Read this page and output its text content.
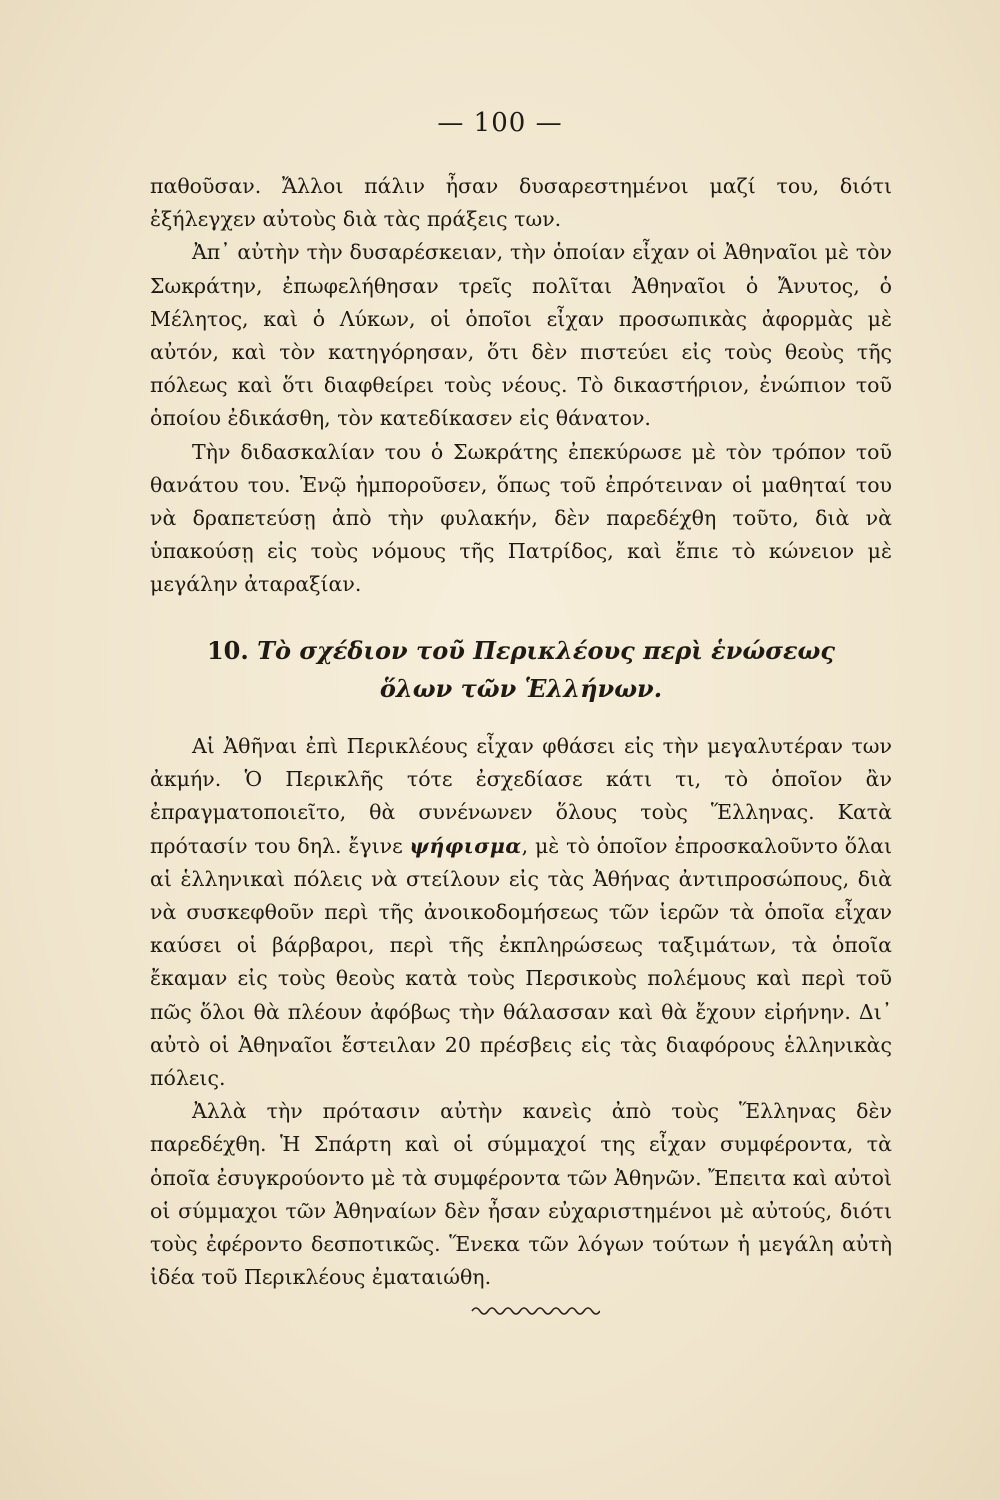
— 100 —

παθοῦσαν. Ἄλλοι πάλιν ἦσαν δυσαρεστημένοι μαζί του, διότι ἐξήλεγχεν αὐτοὺς διὰ τὰς πράξεις των.

Ἀπ᾽ αὐτὴν τὴν δυσαρέσκειαν, τὴν ὁποίαν εἶχαν οἱ Ἀθηναῖοι μὲ τὸν Σωκράτην, ἐπωφελήθησαν τρεῖς πολῖται Ἀθηναῖοι ὁ Ἄνυτος, ὁ Μέλητος, καὶ ὁ Λύκων, οἱ ὁποῖοι εἶχαν προσωπικὰς ἀφορμὰς μὲ αὐτόν, καὶ τὸν κατηγόρησαν, ὅτι δὲν πιστεύει εἰς τοὺς θεοὺς τῆς πόλεως καὶ ὅτι διαφθείρει τοὺς νέους. Τὸ δικαστήριον, ἐνώπιον τοῦ ὁποίου ἐδικάσθη, τὸν κατεδίκασεν εἰς θάνατον.

Τὴν διδασκαλίαν του ὁ Σωκράτης ἐπεκύρωσε μὲ τὸν τρόπον τοῦ θανάτου του. Ἐνῷ ἠμποροῦσεν, ὅπως τοῦ ἐπρότειναν οἱ μαθηταί του νὰ δραπετεύσῃ ἀπὸ τὴν φυλακήν, δὲν παρεδέχθη τοῦτο, διὰ νὰ ὑπακούσῃ εἰς τοὺς νόμους τῆς Πατρίδος, καὶ ἔπιε τὸ κώνειον μὲ μεγάλην ἀταραξίαν.

10. Τὸ σχέδιον τοῦ Περικλέους περὶ ἑνώσεως
ὅλων τῶν Ἑλλήνων.

Αἱ Ἀθῆναι ἐπὶ Περικλέους εἶχαν φθάσει εἰς τὴν μεγαλυτέραν των ἀκμήν. Ὁ Περικλῆς τότε ἐσχεδίασε κάτι τι, τὸ ὁποῖον ἂν ἐπραγματοποιεῖτο, θὰ συνένωνεν ὅλους τοὺς Ἕλληνας. Κατὰ πρότασίν του δηλ. ἔγινε ψήφισμα, μὲ τὸ ὁποῖον ἐπροσκαλοῦντο ὅλαι αἱ ἑλληνικαὶ πόλεις νὰ στείλουν εἰς τὰς Ἀθήνας ἀντιπροσώπους, διὰ νὰ συσκεφθοῦν περὶ τῆς ἀνοικοδομήσεως τῶν ἱερῶν τὰ ὁποῖα εἶχαν καύσει οἱ βάρβαροι, περὶ τῆς ἐκπληρώσεως ταξιμάτων, τὰ ὁποῖα ἔκαμαν εἰς τοὺς θεοὺς κατὰ τοὺς Περσικοὺς πολέμους καὶ περὶ τοῦ πῶς ὅλοι θὰ πλέουν ἀφόβως τὴν θάλασσαν καὶ θὰ ἔχουν εἰρήνην. Δι᾽ αὐτὸ οἱ Ἀθηναῖοι ἔστειλαν 20 πρέσβεις εἰς τὰς διαφόρους ἑλληνικὰς πόλεις.

Ἀλλὰ τὴν πρότασιν αὐτὴν κανεὶς ἀπὸ τοὺς Ἕλληνας δὲν παρεδέχθη. Ἡ Σπάρτη καὶ οἱ σύμμαχοί της εἶχαν συμφέροντα, τὰ ὁποῖα ἐσυγκρούοντο μὲ τὰ συμφέροντα τῶν Ἀθηνῶν. Ἔπειτα καὶ αὐτοὶ οἱ σύμμαχοι τῶν Ἀθηναίων δὲν ἦσαν εὐχαριστημένοι μὲ αὐτούς, διότι τοὺς ἐφέροντο δεσποτικῶς. Ἕνεκα τῶν λόγων τούτων ἡ μεγάλη αὐτὴ ἰδέα τοῦ Περικλέους ἐματαιώθη.
